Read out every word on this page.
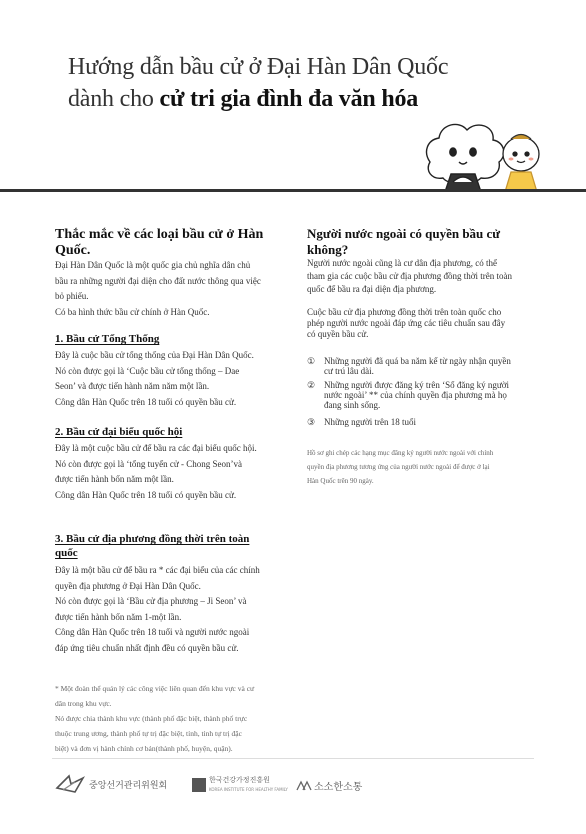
Hướng dẫn bầu cử ở Đại Hàn Dân Quốc
dành cho cử tri gia đình đa văn hóa
Thắc mắc về các loại bầu cử ở Hàn
Quốc.
Đại Hàn Dân Quốc là một quốc gia chủ nghĩa dân chủ
bầu ra những người đại diện cho đất nước thông qua việc
bỏ phiếu.
Có ba hình thức bầu cử chính ở Hàn Quốc.
1. Bầu cử Tổng Thống
Đây là cuộc bầu cử tổng thống của Đại Hàn Dân Quốc.
Nó còn được gọi là ‘Cuộc bầu cử tổng thống – Dae
Seon’ và được tiến hành năm năm một lần.
Công dân Hàn Quốc trên 18 tuổi có quyền bầu cử.
2. Bầu cử đại biểu quốc hội
Đây là một cuộc bầu cử để bầu ra các đại biểu quốc hội.
Nó còn được gọi là ‘tổng tuyển cử - Chong Seon’và
được tiến hành bốn năm một lần.
Công dân Hàn Quốc trên 18 tuổi có quyền bầu cử.
3. Bầu cử địa phương đồng thời trên toàn
quốc
Đây là một bầu cử để bầu ra * các đại biểu của các chính
quyền địa phương ở Đại Hàn Dân Quốc.
Nó còn được gọi là ‘Bầu cử địa phương – Ji Seon’ và
được tiến hành bốn năm 1-một lần.
Công dân Hàn Quốc trên 18 tuổi và người nước ngoài
đáp ứng tiêu chuẩn nhất định đều có quyền bầu cử.
* Một đoàn thể quản lý các công việc liên quan đến khu vực và cư
dân trong khu vực.
Nó được chia thành khu vực (thành phố đặc biệt, thành phố trực
thuộc trung ương, thành phố tự trị đặc biệt, tỉnh, tỉnh tự trị đặc
biệt) và đơn vị hành chính cơ bản(thành phố, huyện, quận).
Người nước ngoài có quyền bầu cử
không?
Người nước ngoài cũng là cư dân địa phương, có thể
tham gia các cuộc bầu cử địa phương đồng thời trên toàn
quốc để bầu ra đại diện địa phương.
Cuộc bầu cử địa phương đồng thời trên toàn quốc cho
phép người nước ngoài đáp ứng các tiêu chuẩn sau đây
có quyền bầu cử.
① Những người đã quá ba năm kể từ ngày nhận quyền
cư trú lâu dài.
② Những người được đăng ký trên ‘Sổ đăng ký người
nước ngoài’ ** của chính quyền địa phương mà họ
đang sinh sống.
③ Những người trên 18 tuổi
Hồ sơ ghi chép các hạng mục đăng ký người nước ngoài với chính
quyền địa phương tương ứng của người nước ngoài để được ở lại
Hàn Quốc trên 90 ngày.
중앙선거관리위원회
한국건강가정진흥원
KOREA INSTITUTE FOR HEALTHY FAMILY	소소한소통
